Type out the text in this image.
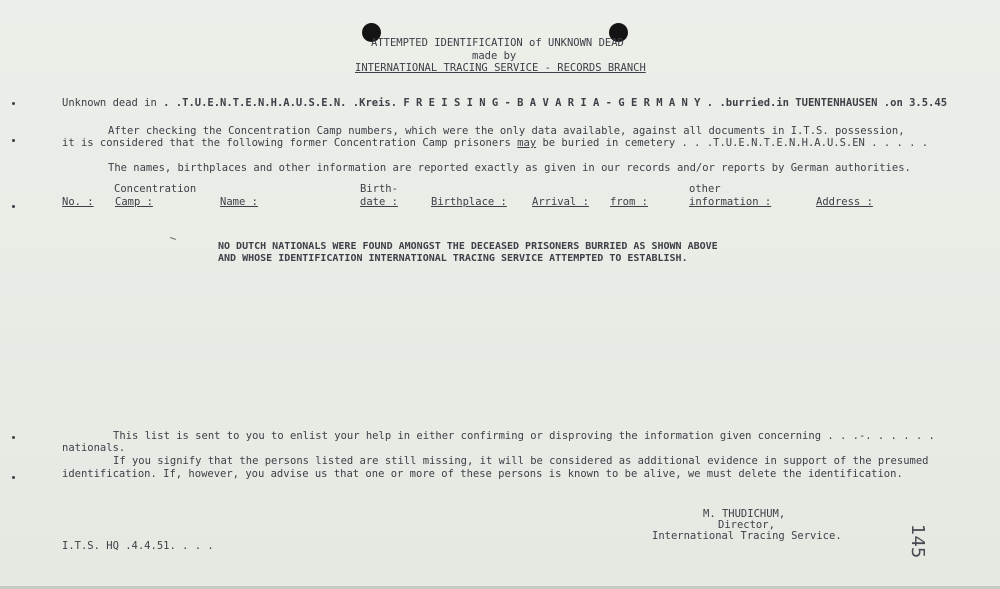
ATTEMPTED IDENTIFICATION of UNKNOWN DEAD
made by
INTERNATIONAL TRACING SERVICE - RECORDS BRANCH
Unknown dead in . .T.U.E.N.T.E.N.H.A.U.S.E.N. .Kreis. F R E I S I N G - B A V A R I A - G E R M A N Y . .burried.in TUENTENHAUSEN .on 3.5.45
After checking the Concentration Camp numbers, which were the only data available, against all documents in I.T.S. possession,
it is considered that the following former Concentration Camp prisoners may be buried in cemetery . . .T.U.E.N.T.E.N.H.A.U.S.EN . . . . .
The names, birthplaces and other information are reported exactly as given in our records and/or reports by German authorities.
Concentration	Birth-	other
No. : Camp :	Name :	date :	Birthplace : Arrival : from :	information :	Address :
NO DUTCH NATIONALS WERE FOUND AMONGST THE DECEASED PRISONERS BURRIED AS SHOWN ABOVE
AND WHOSE IDENTIFICATION INTERNATIONAL TRACING SERVICE ATTEMPTED TO ESTABLISH.
This list is sent to you to enlist your help in either confirming or disproving the information given concerning . . .-. . . . . .
nationals.
If you signify that the persons listed are still missing, it will be considered as additional evidence in support of the presumed
identification. If, however, you advise us that one or more of these persons is known to be alive, we must delete the identification.
M. THUDICHUM,
Director,
International Tracing Service.
I.T.S. HQ .4.4.51. . . .	145
